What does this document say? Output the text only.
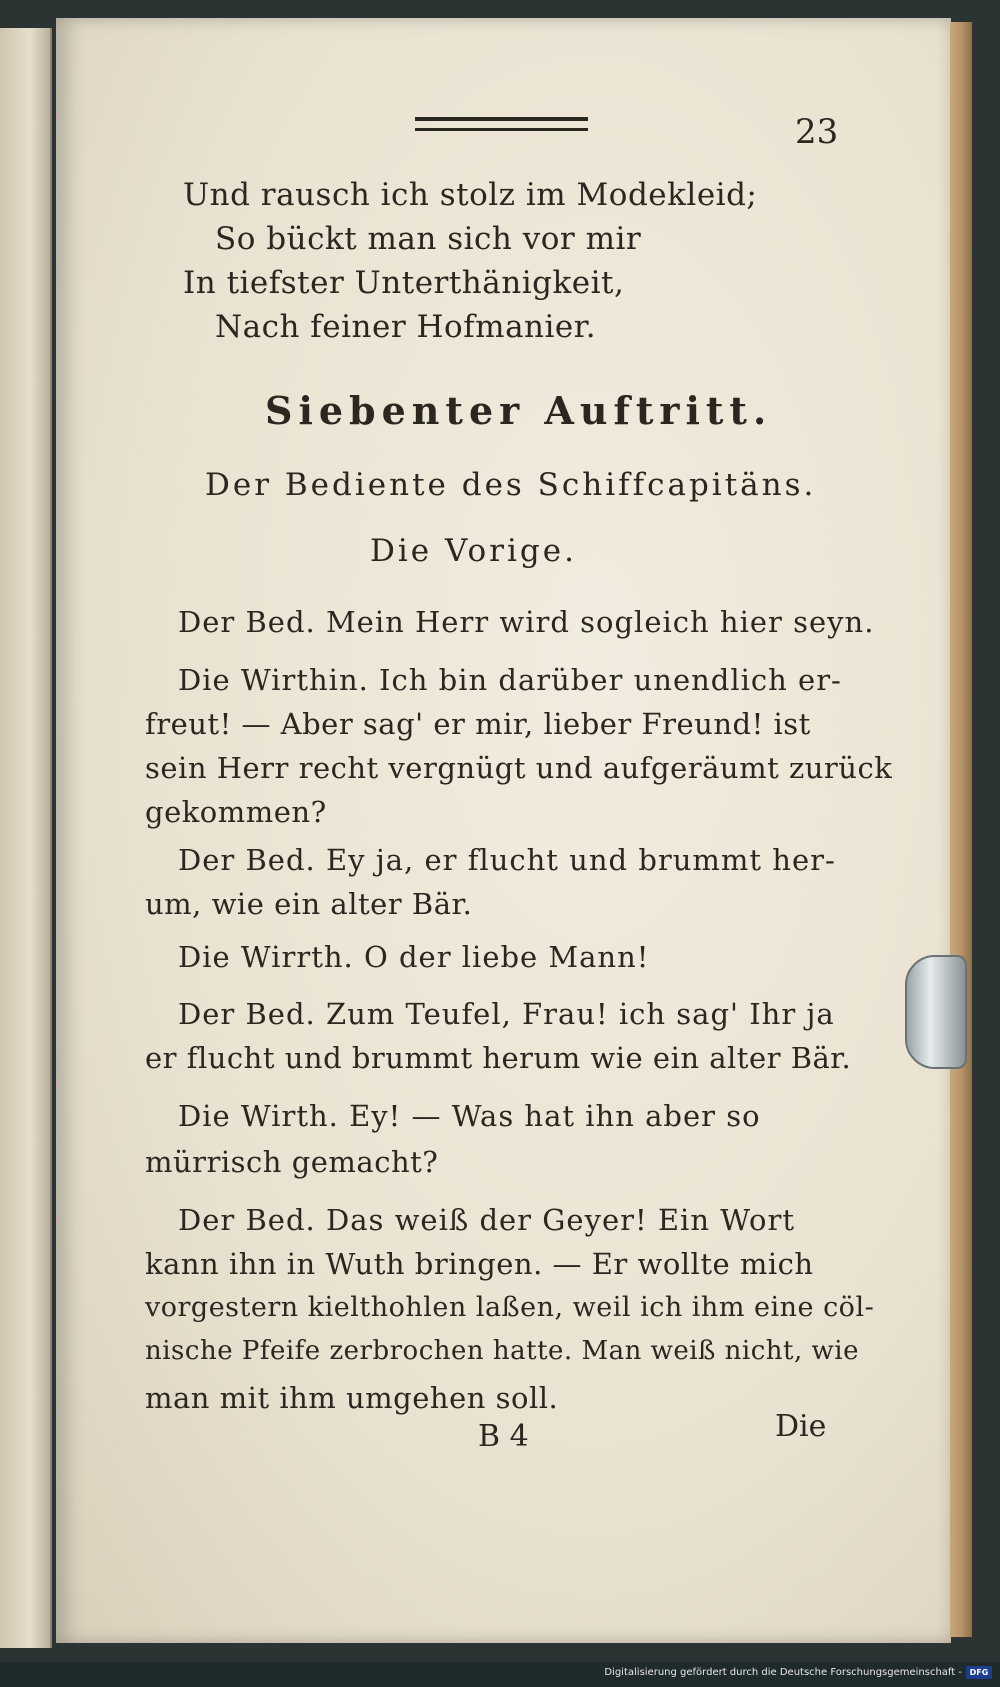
23
Und rausch ich stolz im Modekleid;
So bückt man sich vor mir
In tiefster Unterthänigkeit,
Nach feiner Hofmanier.
Siebenter Auftritt.
Der Bediente des Schiffcapitäns.
Die Vorige.
Der Bed. Mein Herr wird sogleich hier seyn.
Die Wirthin. Ich bin darüber unendlich er-
freut! — Aber sag' er mir, lieber Freund! ist
sein Herr recht vergnügt und aufgeräumt zurück
gekommen?
Der Bed. Ey ja, er flucht und brummt her-
um, wie ein alter Bär.
Die Wirrth. O der liebe Mann!
Der Bed. Zum Teufel, Frau! ich sag' Ihr ja
er flucht und brummt herum wie ein alter Bär.
Die Wirth. Ey! — Was hat ihn aber so
mürrisch gemacht?
Der Bed. Das weiß der Geyer! Ein Wort
kann ihn in Wuth bringen. — Er wollte mich
vorgestern kielthohlen laßen, weil ich ihm eine cöl-
nische Pfeife zerbrochen hatte. Man weiß nicht, wie
man mit ihm umgehen soll.
B 4	Die
Digitalisierung gefördert durch die Deutsche Forschungsgemeinschaft - DFG
